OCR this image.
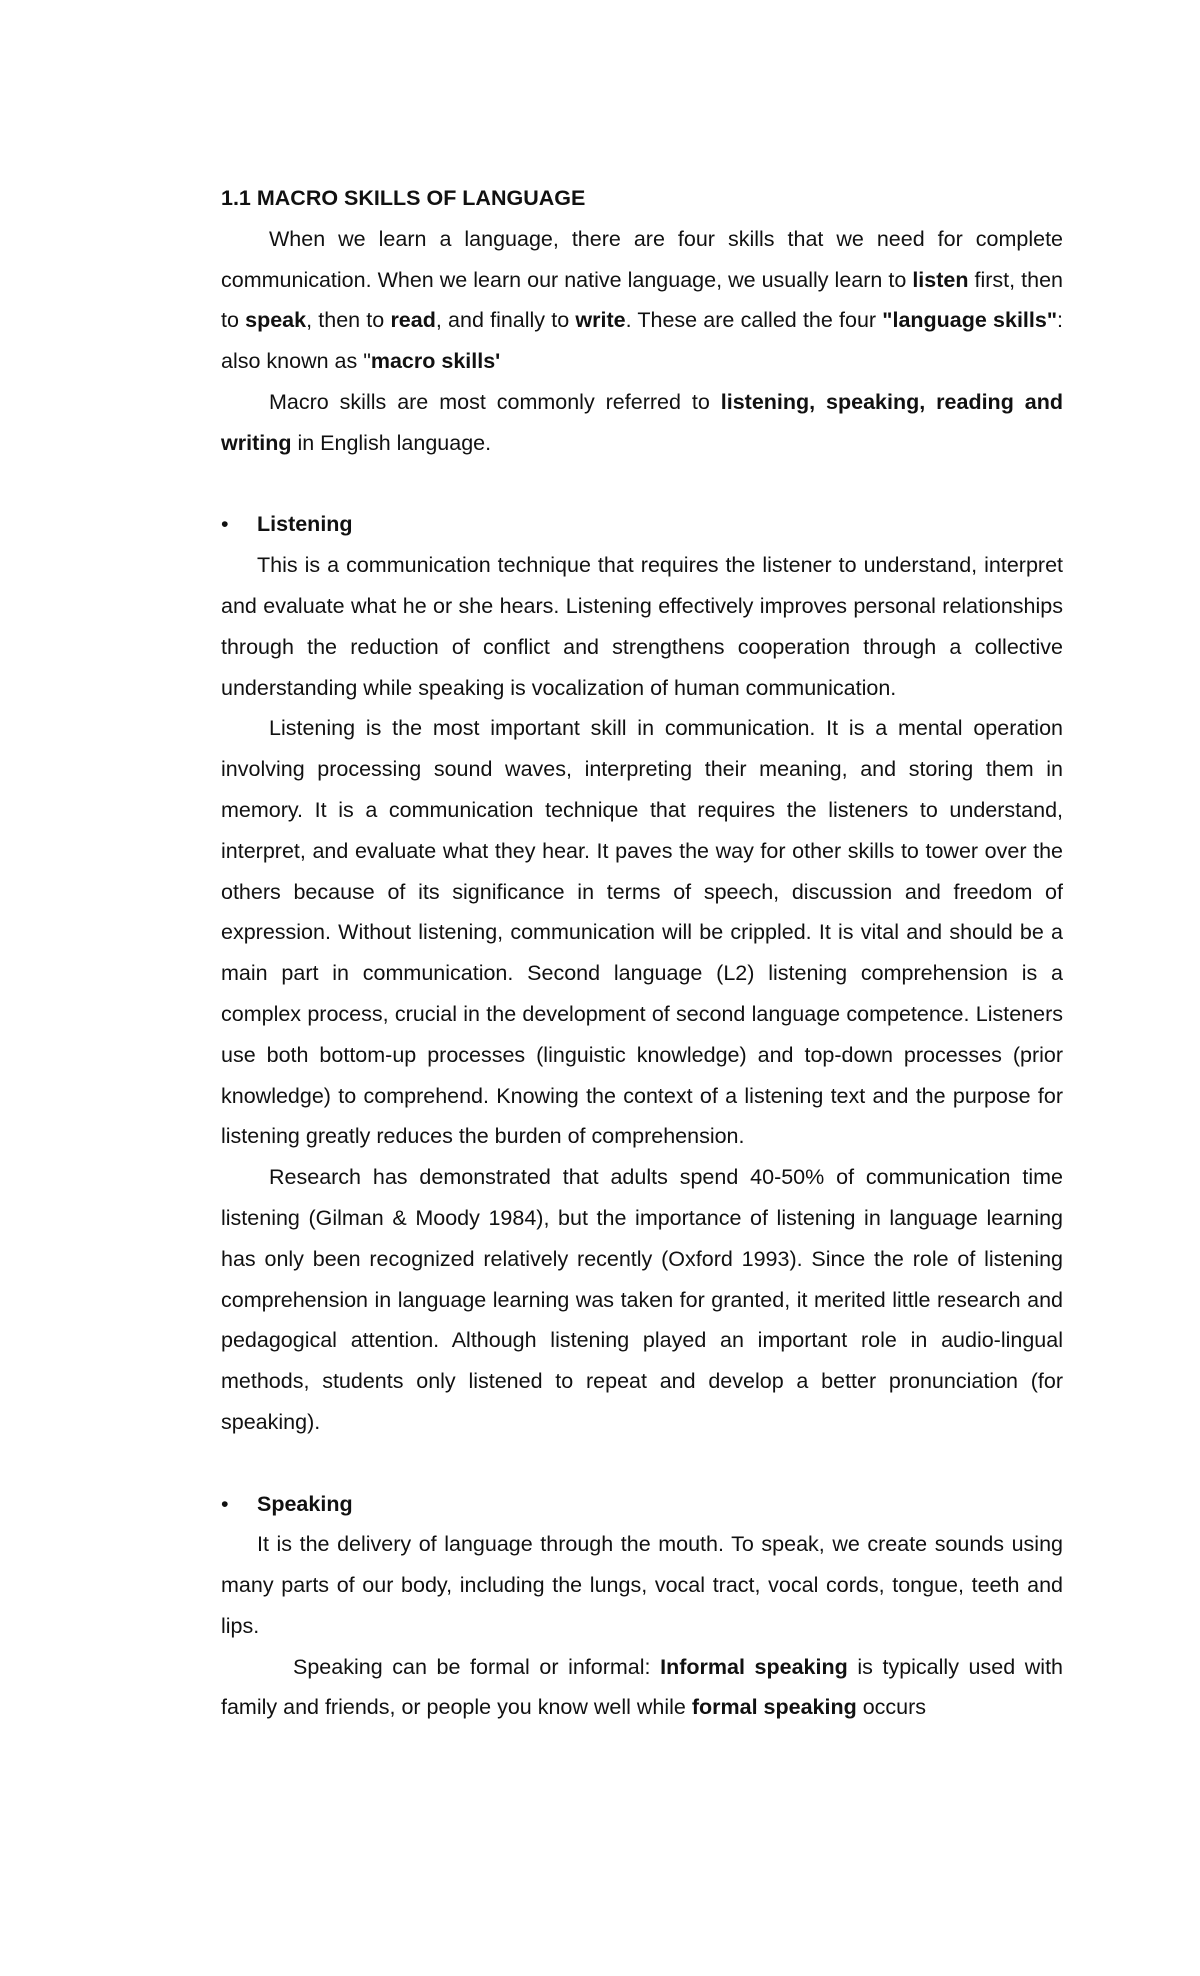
1.1 MACRO SKILLS OF LANGUAGE

When we learn a language, there are four skills that we need for complete communication. When we learn our native language, we usually learn to listen first, then to speak, then to read, and finally to write. These are called the four "language skills": also known as "macro skills'

Macro skills are most commonly referred to listening, speaking, reading and writing in English language.

•	Listening

This is a communication technique that requires the listener to understand, interpret and evaluate what he or she hears. Listening effectively improves personal relationships through the reduction of conflict and strengthens cooperation through a collective understanding while speaking is vocalization of human communication.

Listening is the most important skill in communication. It is a mental operation involving processing sound waves, interpreting their meaning, and storing them in memory. It is a communication technique that requires the listeners to understand, interpret, and evaluate what they hear. It paves the way for other skills to tower over the others because of its significance in terms of speech, discussion and freedom of expression. Without listening, communication will be crippled. It is vital and should be a main part in communication. Second language (L2) listening comprehension is a complex process, crucial in the development of second language competence. Listeners use both bottom-up processes (linguistic knowledge) and top-down processes (prior knowledge) to comprehend. Knowing the context of a listening text and the purpose for listening greatly reduces the burden of comprehension.

Research has demonstrated that adults spend 40-50% of communication time listening (Gilman & Moody 1984), but the importance of listening in language learning has only been recognized relatively recently (Oxford 1993). Since the role of listening comprehension in language learning was taken for granted, it merited little research and pedagogical attention. Although listening played an important role in audio-lingual methods, students only listened to repeat and develop a better pronunciation (for speaking).

•	Speaking

It is the delivery of language through the mouth. To speak, we create sounds using many parts of our body, including the lungs, vocal tract, vocal cords, tongue, teeth and lips.

Speaking can be formal or informal: Informal speaking is typically used with family and friends, or people you know well while formal speaking occurs
